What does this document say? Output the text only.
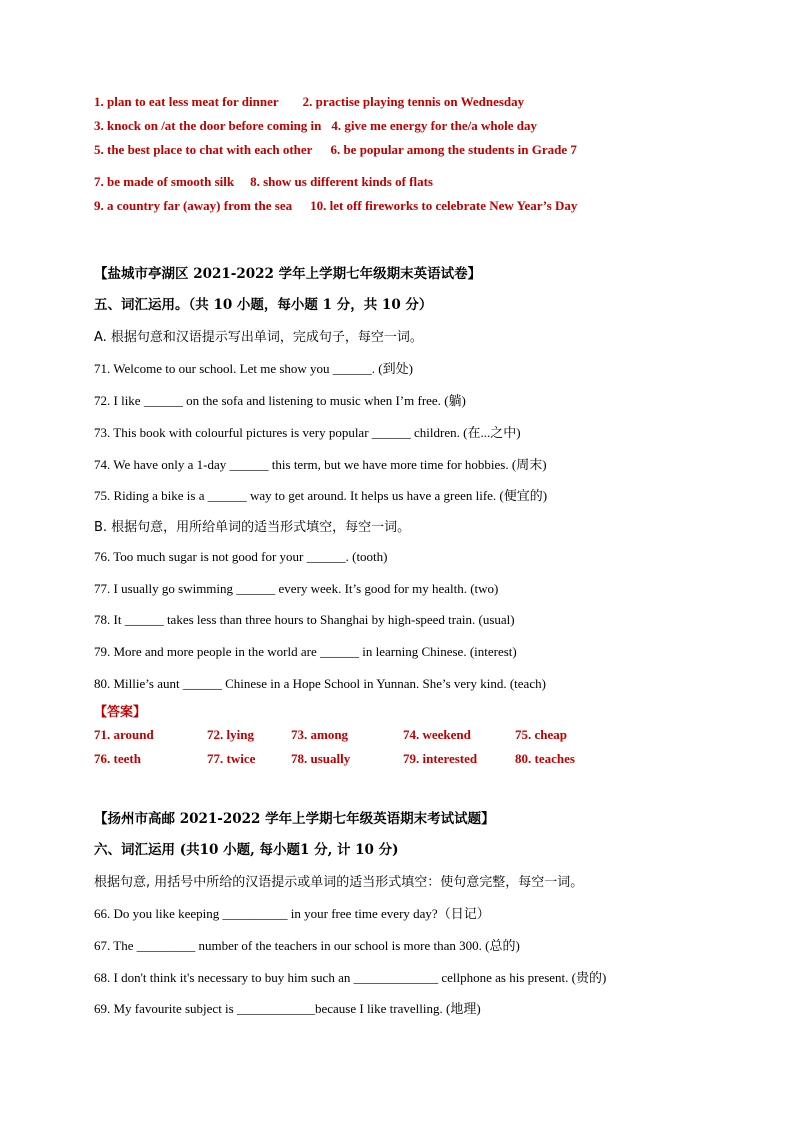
1. plan to eat less meat for dinner 2. practise playing tennis on Wednesday
3. knock on /at the door before coming in 4. give me energy for the/a whole day
5. the best place to chat with each other 6. be popular among the students in Grade 7
7. be made of smooth silk 8. show us different kinds of flats
9. a country far (away) from the sea 10. let off fireworks to celebrate New Year’s Day
【盐城市亭湖区 2021-2022 学年上学期七年级期末英语试卷】
五、词汇运用。（共 10 小题，每小题 1 分，共 10 分）
A. 根据句意和汉语提示写出单词，完成句子，每空一词。
71. Welcome to our school. Let me show you ______. (到处)
72. I like ______ on the sofa and listening to music when I’m free. (躺)
73. This book with colourful pictures is very popular ______ children. (在...之中)
74. We have only a 1-day ______ this term, but we have more time for hobbies. (周末)
75. Riding a bike is a ______ way to get around. It helps us have a green life. (便宜的)
B. 根据句意，用所给单词的适当形式填空，每空一词。
76. Too much sugar is not good for your ______. (tooth)
77. I usually go swimming ______ every week. It’s good for my health. (two)
78. It ______ takes less than three hours to Shanghai by high-speed train. (usual)
79. More and more people in the world are ______ in learning Chinese. (interest)
80. Millie’s aunt ______ Chinese in a Hope School in Yunnan. She’s very kind. (teach)
【答案】
71. around	72. lying	73. among	74. weekend	75. cheap
76. teeth	77. twice	78. usually	79. interested	80. teaches
【扬州市高邮 2021-2022 学年上学期七年级英语期末考试试题】
六、词汇运用 (共10 小题, 每小题1 分, 计 10 分)
根据句意, 用括号中所给的汉语提示或单词的适当形式填空：使句意完整，每空一词。
66. Do you like keeping __________ in your free time every day?（日记）
67. The _________ number of the teachers in our school is more than 300. (总的)
68. I don't think it's necessary to buy him such an _____________ cellphone as his present. (贵的)
69. My favourite subject is ____________because I like travelling. (地理)
